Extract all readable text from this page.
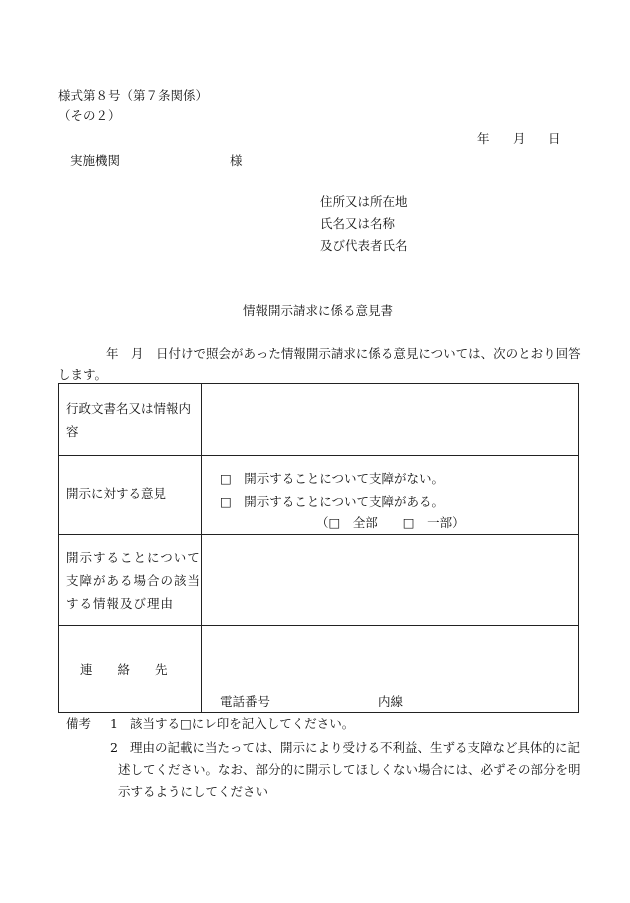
様式第８号（第７条関係）
（その２）
年 月 日
実施機関	様
住所又は所在地
氏名又は名称
及び代表者氏名
情報開示請求に係る意見書
年　月　日付けで照会があった情報開示請求に係る意見については、次のとおり回答
します。
行政文書名又は情報内
容
開示に対する意見
□　開示することについて支障がない。
□　開示することについて支障がある。
（□　全部　　□　一部）
開示することについて
支障がある場合の該当
する情報及び理由
連　　絡　　先
電話番号	内線
備考 1 該当する□にレ印を記入してください。
2 理由の記載に当たっては、開示により受ける不利益、生ずる支障など具体的に記
述してください。なお、部分的に開示してほしくない場合には、必ずその部分を明
示するようにしてください
